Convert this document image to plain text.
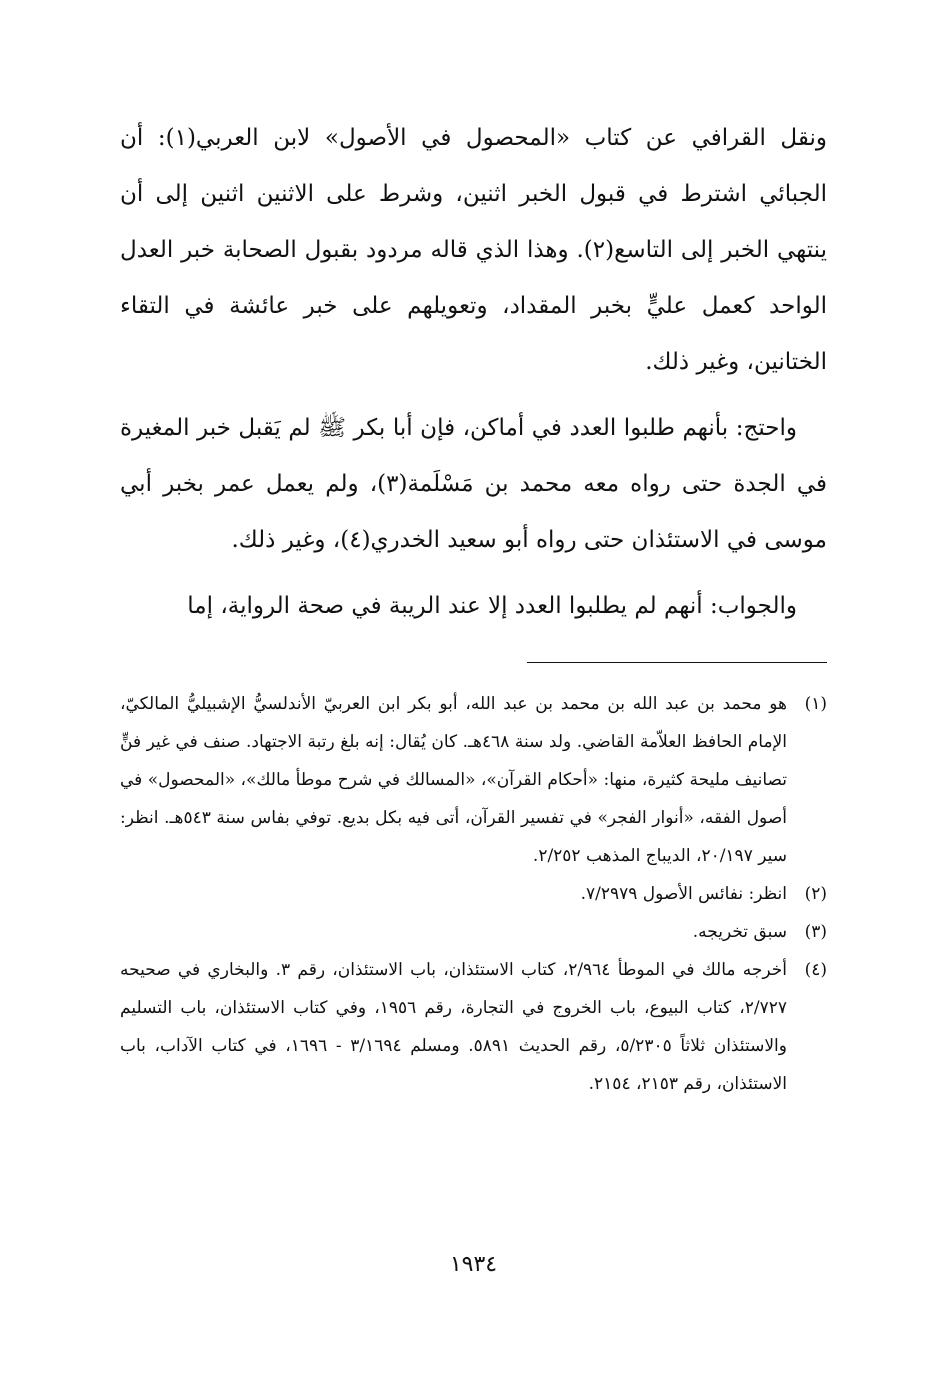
ونقل القرافي عن كتاب «المحصول في الأصول» لابن العربي(١): أن الجبائي اشترط في قبول الخبر اثنين، وشرط على الاثنين اثنين إلى أن ينتهي الخبر إلى التاسع(٢). وهذا الذي قاله مردود بقبول الصحابة خبر العدل الواحد كعمل عليٍّ بخبر المقداد، وتعويلهم على خبر عائشة في التقاء الختانين، وغير ذلك.

واحتج: بأنهم طلبوا العدد في أماكن، فإن أبا بكر ﷺ لم يَقبل خبر المغيرة في الجدة حتى رواه معه محمد بن مَسْلَمة(٣)، ولم يعمل عمر بخبر أبي موسى في الاستئذان حتى رواه أبو سعيد الخدري(٤)، وغير ذلك.

والجواب: أنهم لم يطلبوا العدد إلا عند الريبة في صحة الرواية، إما

(١)
هو محمد بن عبد الله بن محمد بن عبد الله، أبو بكر ابن العربيّ الأندلسيُّ الإشبيليُّ المالكيّ، الإمام الحافظ العلاّمة القاضي. ولد سنة ٤٦٨هـ. كان يُقال: إنه بلغ رتبة الاجتهاد. صنف في غير فنٍّ تصانيف مليحة كثيرة، منها: «أحكام القرآن»، «المسالك في شرح موطأ مالك»، «المحصول» في أصول الفقه، «أنوار الفجر» في تفسير القرآن، أتى فيه بكل بديع. توفي بفاس سنة ٥٤٣هـ. انظر: سير ٢٠/١٩٧، الديباج المذهب ٢/٢٥٢.
(٢)
انظر: نفائس الأصول ٧/٢٩٧٩.
(٣)
سبق تخريجه.
(٤)
أخرجه مالك في الموطأ ٢/٩٦٤، كتاب الاستئذان، باب الاستئذان، رقم ٣. والبخاري في صحيحه ٢/٧٢٧، كتاب البيوع، باب الخروج في التجارة، رقم ١٩٥٦، وفي كتاب الاستئذان، باب التسليم والاستئذان ثلاثاً ٥/٢٣٠٥، رقم الحديث ٥٨٩١. ومسلم ٣/١٦٩٤ - ١٦٩٦، في كتاب الآداب، باب الاستئذان، رقم ٢١٥٣، ٢١٥٤.
١٩٣٤
